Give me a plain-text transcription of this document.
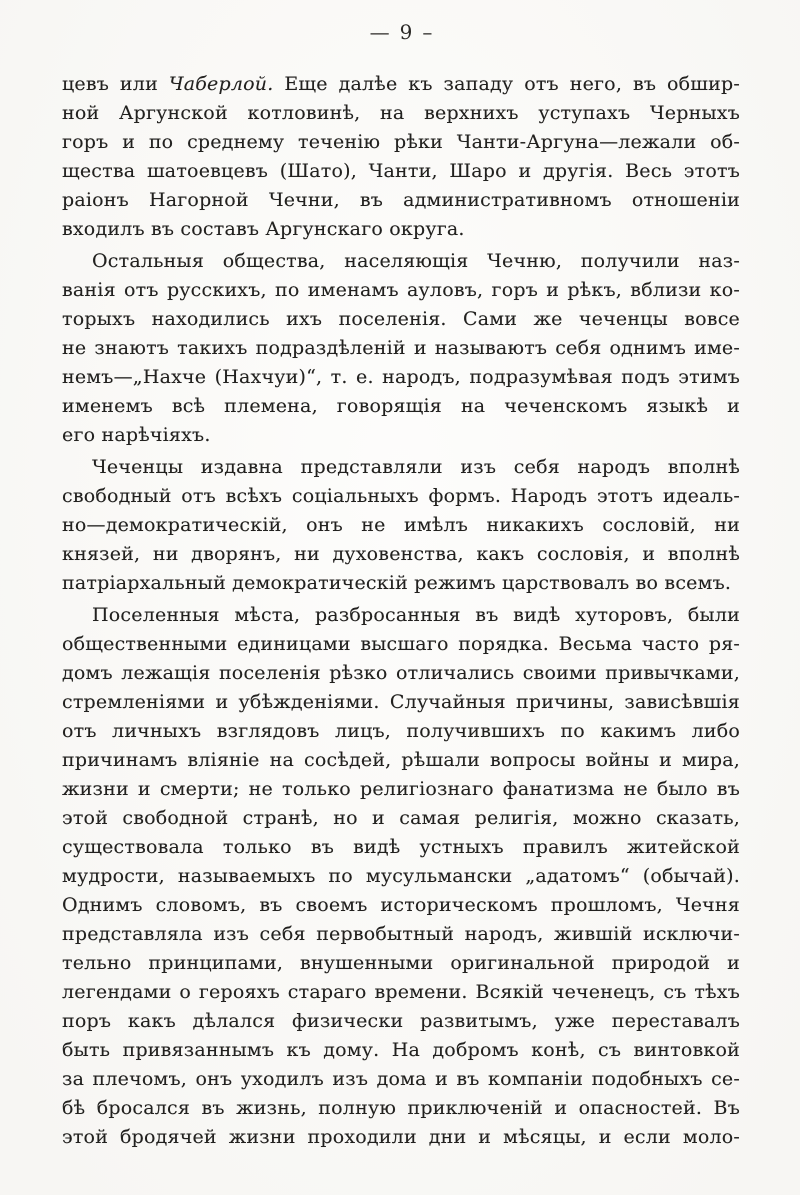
— 9 –
цевъ или Чаберлой. Еще далѣе къ западу отъ него, въ обшир-
ной Аргунской котловинѣ, на верхнихъ уступахъ Черныхъ
горъ и по среднему теченію рѣки Чанти-Аргуна—лежали об-
щества шатоевцевъ (Шато), Чанти, Шаро и другія. Весь этотъ
раіонъ Нагорной Чечни, въ административномъ отношеніи
входилъ въ составъ Аргунскаго округа.
Остальныя общества, населяющія Чечню, получили наз-
ванія отъ русскихъ, по именамъ ауловъ, горъ и рѣкъ, вблизи ко-
торыхъ находились ихъ поселенія. Сами же чеченцы вовсе
не знаютъ такихъ подраздѣленій и называютъ себя однимъ име-
немъ—„Нахче (Нахчуи)“, т. е. народъ, подразумѣвая подъ этимъ
именемъ всѣ племена, говорящія на чеченскомъ языкѣ и
его нарѣчіяхъ.
Чеченцы издавна представляли изъ себя народъ вполнѣ
свободный отъ всѣхъ соціальныхъ формъ. Народъ этотъ идеаль-
но—демократическій, онъ не имѣлъ никакихъ сословій, ни
князей, ни дворянъ, ни духовенства, какъ сословія, и вполнѣ
патріархальный демократическій режимъ царствовалъ во всемъ.
Поселенныя мѣста, разбросанныя въ видѣ хуторовъ, были
общественными единицами высшаго порядка. Весьма часто ря-
домъ лежащія поселенія рѣзко отличались своими привычками,
стремленіями и убѣжденіями. Случайныя причины, зависѣвшія
отъ личныхъ взглядовъ лицъ, получившихъ по какимъ либо
причинамъ вліяніе на сосѣдей, рѣшали вопросы войны и мира,
жизни и смерти; не только религіознаго фанатизма не было въ
этой свободной странѣ, но и самая религія, можно сказать,
существовала только въ видѣ устныхъ правилъ житейской
мудрости, называемыхъ по мусульмански „адатомъ“ (обычай).
Однимъ словомъ, въ своемъ историческомъ прошломъ, Чечня
представляла изъ себя первобытный народъ, жившій исключи-
тельно принципами, внушенными оригинальной природой и
легендами о герояхъ стараго времени. Всякій чеченецъ, съ тѣхъ
поръ какъ дѣлался физически развитымъ, уже переставалъ
быть привязаннымъ къ дому. На добромъ конѣ, съ винтовкой
за плечомъ, онъ уходилъ изъ дома и въ компаніи подобныхъ се-
бѣ бросался въ жизнь, полную приключеній и опасностей. Въ
этой бродячей жизни проходили дни и мѣсяцы, и если моло-
